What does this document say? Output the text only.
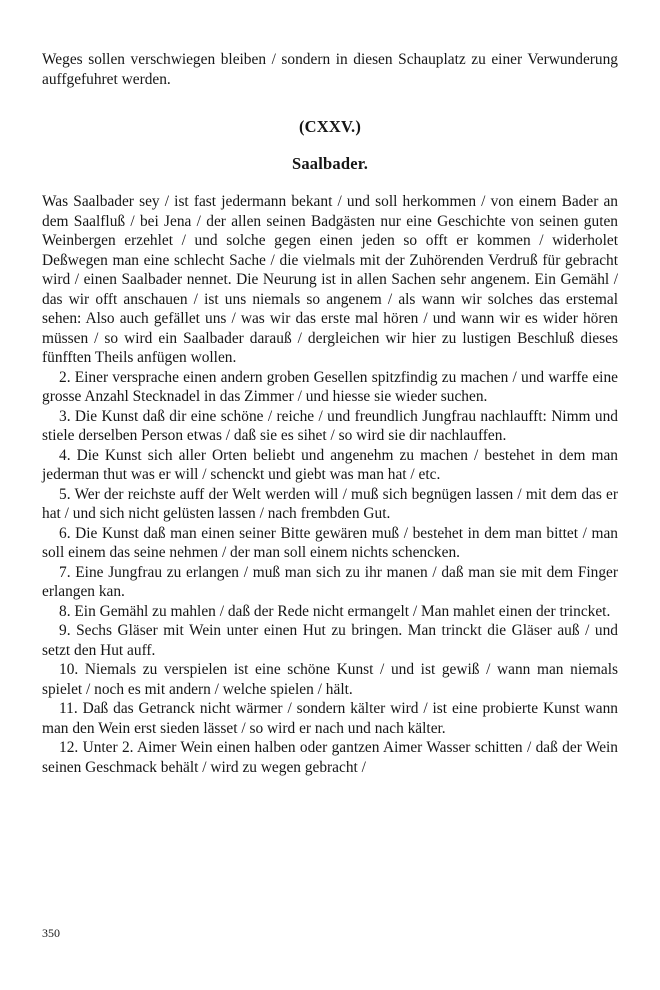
Weges sollen verschwiegen bleiben / sondern in diesen Schauplatz zu einer Verwunderung auffgefuhret werden.

(CXXV.)
Saalbader.

Was Saalbader sey / ist fast jedermann bekant / und soll herkommen / von einem Bader an dem Saalfluß / bei Jena / der allen seinen Badgästen nur eine Geschichte von seinen guten Weinbergen erzehlet / und solche gegen einen jeden so offt er kommen / widerholet Deßwegen man eine schlecht Sache / die vielmals mit der Zuhörenden Verdruß für gebracht wird / einen Saalbader nennet. Die Neurung ist in allen Sachen sehr angenem. Ein Gemähl / das wir offt anschauen / ist uns niemals so angenem / als wann wir solches das erstemal sehen: Also auch gefället uns / was wir das erste mal hören / und wann wir es wider hören müssen / so wird ein Saalbader darauß / dergleichen wir hier zu lustigen Beschluß dieses fünfften Theils anfügen wollen.

2. Einer versprache einen andern groben Gesellen spitzfindig zu machen / und warffe eine grosse Anzahl Stecknadel in das Zimmer / und hiesse sie wieder suchen.

3. Die Kunst daß dir eine schöne / reiche / und freundlich Jungfrau nachlaufft: Nimm und stiele derselben Person etwas / daß sie es sihet / so wird sie dir nachlauffen.

4. Die Kunst sich aller Orten beliebt und angenehm zu machen / bestehet in dem man jederman thut was er will / schenckt und giebt was man hat / etc.

5. Wer der reichste auff der Welt werden will / muß sich begnügen lassen / mit dem das er hat / und sich nicht gelüsten lassen / nach frembden Gut.

6. Die Kunst daß man einen seiner Bitte gewären muß / bestehet in dem man bittet / man soll einem das seine nehmen / der man soll einem nichts schencken.

7. Eine Jungfrau zu erlangen / muß man sich zu ihr manen / daß man sie mit dem Finger erlangen kan.

8. Ein Gemähl zu mahlen / daß der Rede nicht ermangelt / Man mahlet einen der trincket.

9. Sechs Gläser mit Wein unter einen Hut zu bringen. Man trinckt die Gläser auß / und setzt den Hut auff.

10. Niemals zu verspielen ist eine schöne Kunst / und ist gewiß / wann man niemals spielet / noch es mit andern / welche spielen / hält.

11. Daß das Getranck nicht wärmer / sondern kälter wird / ist eine probierte Kunst wann man den Wein erst sieden lässet / so wird er nach und nach kälter.

12. Unter 2. Aimer Wein einen halben oder gantzen Aimer Wasser schitten / daß der Wein seinen Geschmack behält / wird zu wegen gebracht /

350
